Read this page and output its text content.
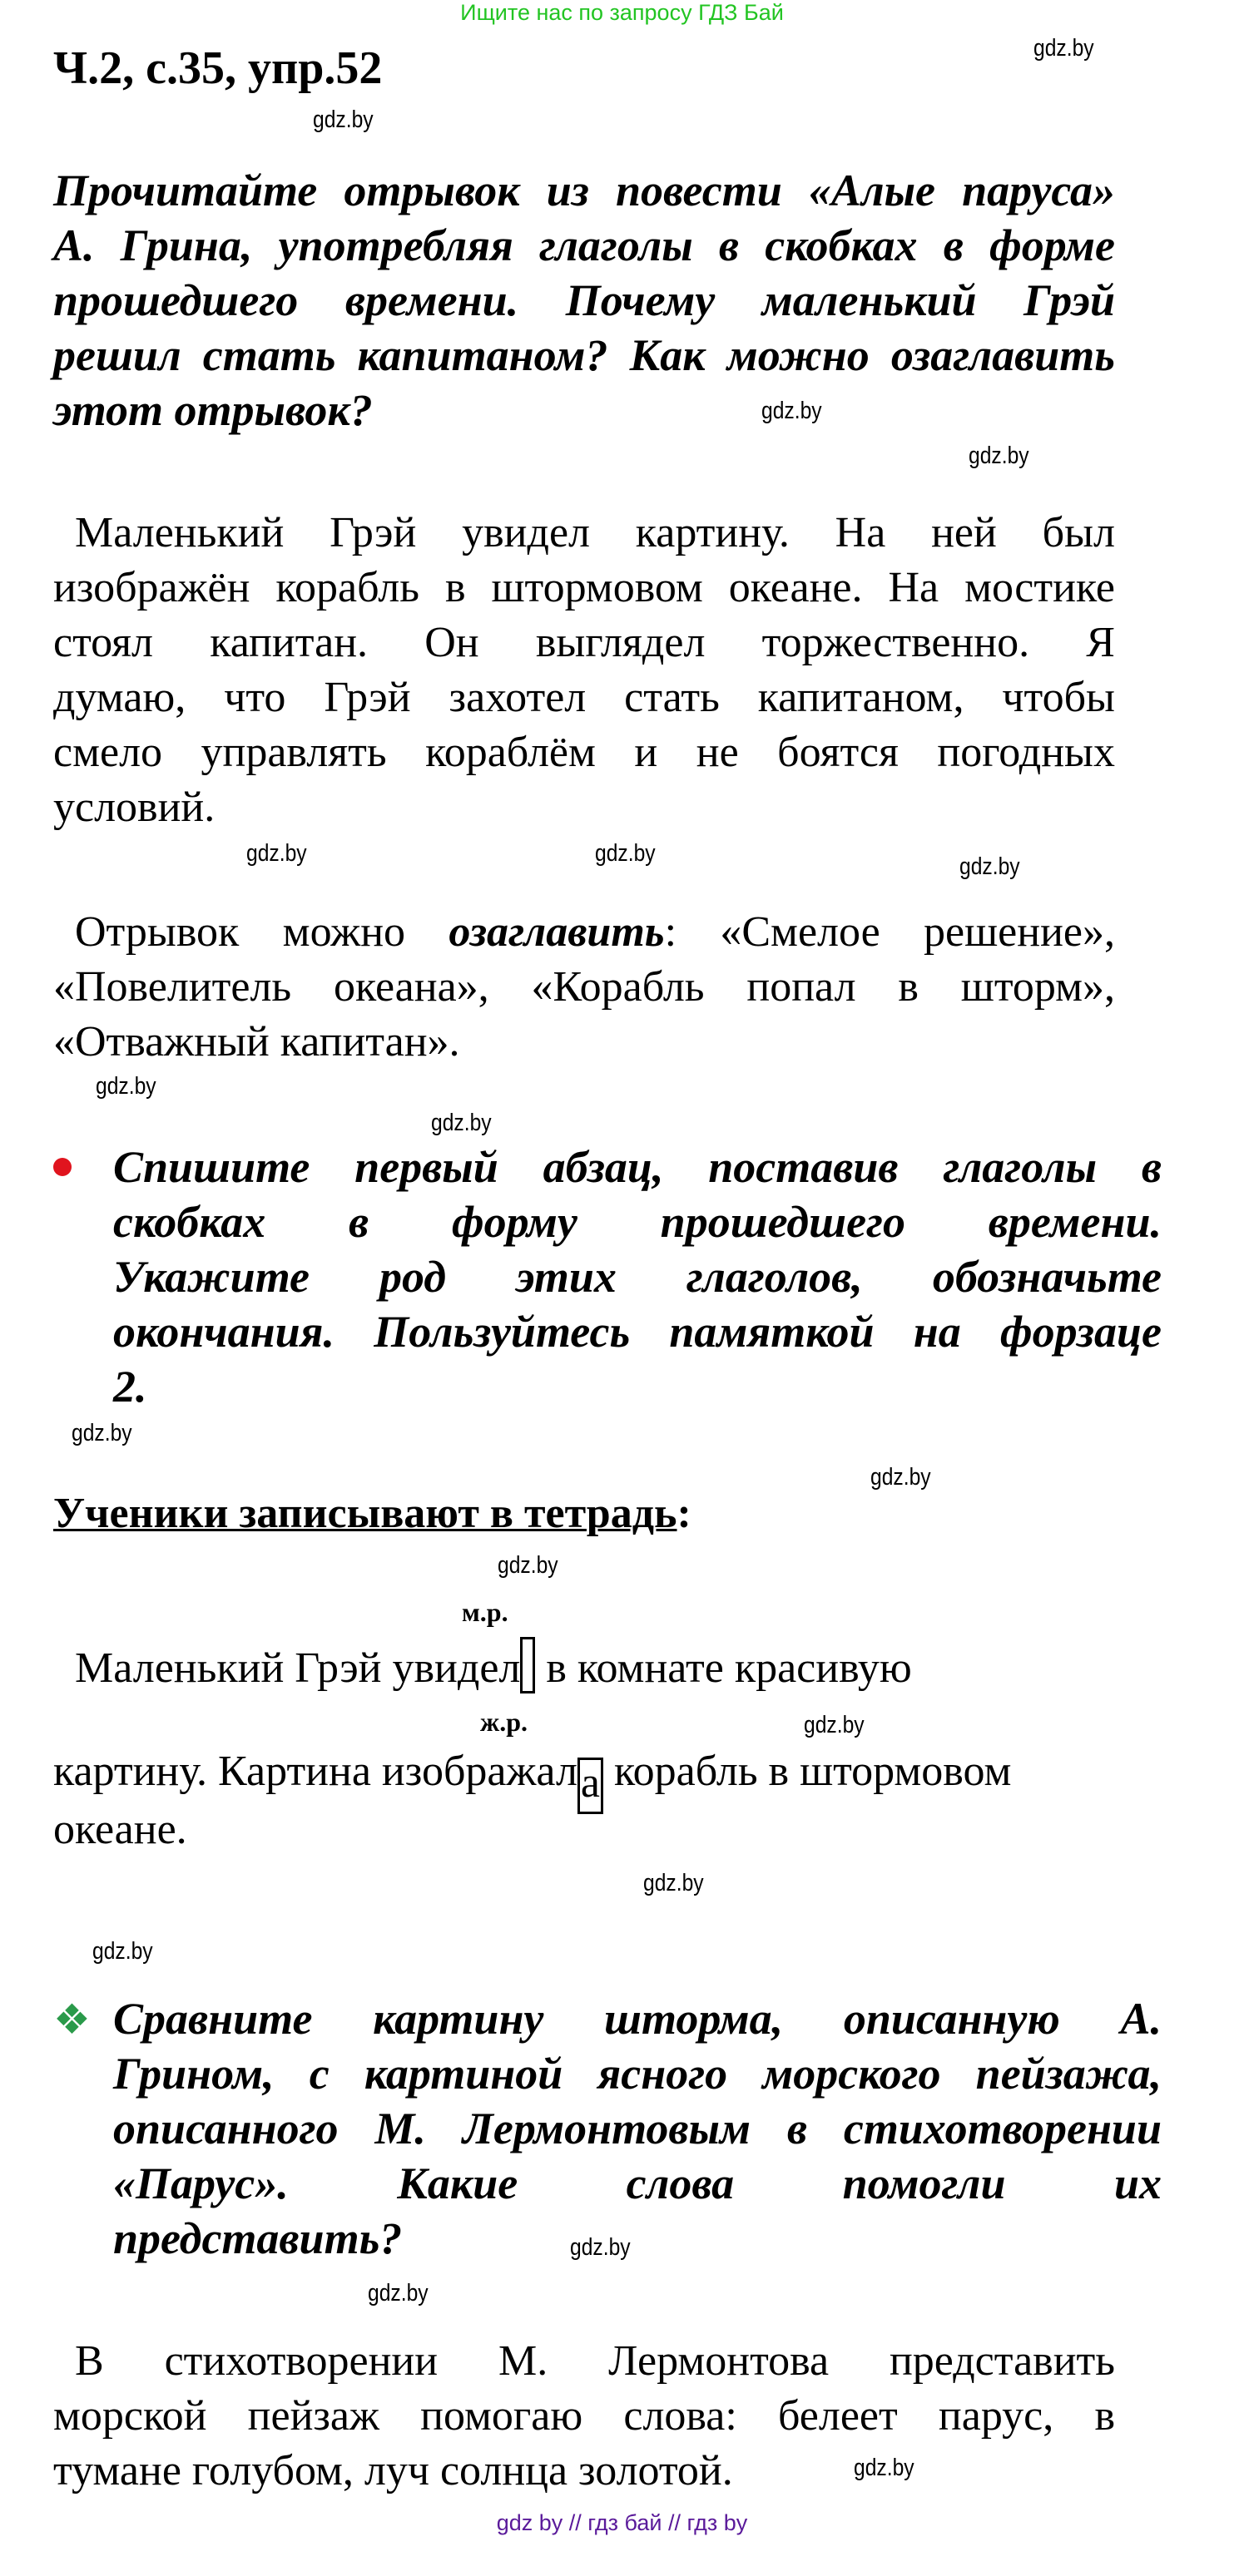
Ищите нас по запросу ГДЗ Бай
Ч.2, с.35, упр.52	gdz.by
gdz.by
gdz.by
gdz.by
gdz.by
gdz.by	gdz.by
gdz.by
gdz.by
gdz.by
gdz.by
gdz.by
gdz.by
gdz.by
gdz.by
gdz.by
gdz.by
gdz.by
Прочитайте отрывок из повести «Алые паруса»
А. Грина, употребляя глаголы в скобках в форме
прошедшего времени. Почему маленький Грэй
решил стать капитаном? Как можно озаглавить
этот отрывок?
Маленький Грэй увидел картину. На ней был
изображён корабль в штормовом океане. На мостике
стоял капитан. Он выглядел торжественно. Я
думаю, что Грэй захотел стать капитаном, чтобы
смело управлять кораблём и не боятся погодных
условий.
Отрывок можно озаглавить: «Смелое решение»,
«Повелитель океана», «Корабль попал в шторм»,
«Отважный капитан».
Спишите первый абзац, поставив глаголы в
скобках в форму прошедшего времени.
Укажите род этих глаголов, обозначьте
окончания. Пользуйтесь памяткой на форзаце
2.
Ученики записывают в тетрадь:
м.р.
Маленький Грэй увидел в комнате красивую
ж.р.
картину. Картина изображала корабль в штормовом
океане.
❖ Сравните картину шторма, описанную А.
Грином, с картиной ясного морского пейзажа,
описанного М. Лермонтовым в стихотворении
«Парус». Какие слова помогли их
представить?
В стихотворении М. Лермонтова представить
морской пейзаж помогаю слова: белеет парус, в
тумане голубом, луч солнца золотой.
gdz by // гдз бай // гдз by
